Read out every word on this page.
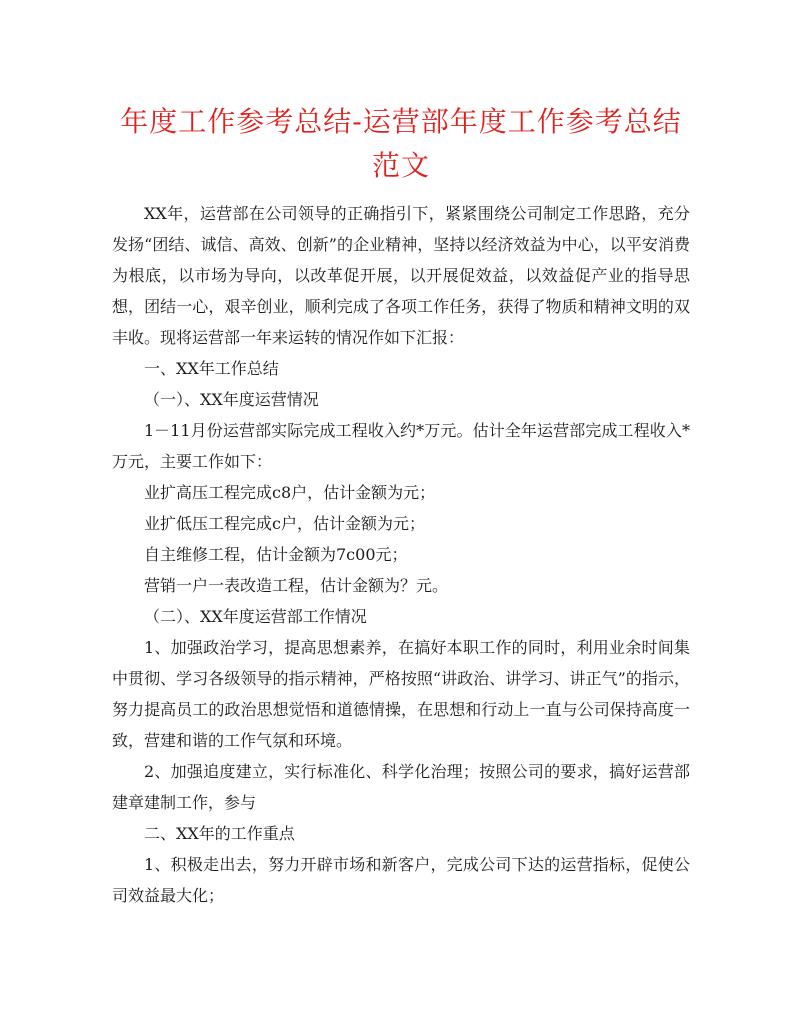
年度工作参考总结-运营部年度工作参考总结范文

XX年，运营部在公司领导的正确指引下，紧紧围绕公司制定工作思路，充分发扬“团结、诚信、高效、创新”的企业精神，坚持以经济效益为中心，以平安消费为根底，以市场为导向，以改革促开展，以开展促效益，以效益促产业的指导思想，团结一心，艰辛创业，顺利完成了各项工作任务，获得了物质和精神文明的双丰收。现将运营部一年来运转的情况作如下汇报：

一、XX年工作总结

（一）、XX年度运营情况

1－11月份运营部实际完成工程收入约*万元。估计全年运营部完成工程收入*万元，主要工作如下：

业扩高压工程完成c8户，估计金额为元；

业扩低压工程完成c户，估计金额为元；

自主维修工程，估计金额为7c00元；

营销一户一表改造工程，估计金额为？元。

（二）、XX年度运营部工作情况

1、加强政治学习，提高思想素养，在搞好本职工作的同时，利用业余时间集中贯彻、学习各级领导的指示精神，严格按照“讲政治、讲学习、讲正气”的指示，努力提高员工的政治思想觉悟和道德情操，在思想和行动上一直与公司保持高度一致，营建和谐的工作气氛和环境。

2、加强追度建立，实行标准化、科学化治理；按照公司的要求，搞好运营部建章建制工作，参与

二、XX年的工作重点

1、积极走出去，努力开辟市场和新客户，完成公司下达的运营指标，促使公司效益最大化；
